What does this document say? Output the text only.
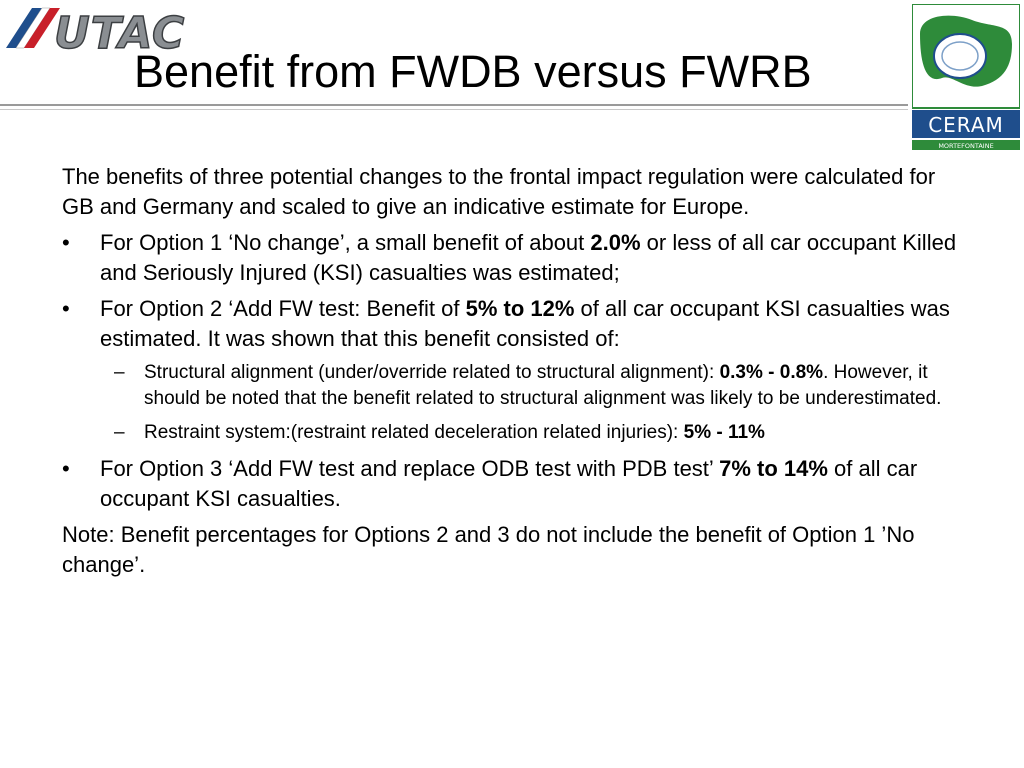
UTAC
CERAM
MORTEFONTAINE
Benefit from FWDB versus FWRB

The benefits of three potential changes to the frontal impact regulation were calculated for GB and Germany and scaled to give an indicative estimate for Europe.

• For Option 1 ‘No change’, a small benefit of about 2.0% or less of all car occupant Killed and Seriously Injured (KSI) casualties was estimated;
• For Option 2 ‘Add FW test: Benefit of 5% to 12% of all car occupant KSI casualties was estimated. It was shown that this benefit consisted of:
– Structural alignment (under/override related to structural alignment): 0.3% - 0.8%. However, it should be noted that the benefit related to structural alignment was likely to be underestimated.
– Restraint system:(restraint related deceleration related injuries): 5% - 11%
• For Option 3 ‘Add FW test and replace ODB test with PDB test’ 7% to 14% of all car occupant KSI casualties.

Note: Benefit percentages for Options 2 and 3 do not include the benefit of Option 1 ’No change’.
